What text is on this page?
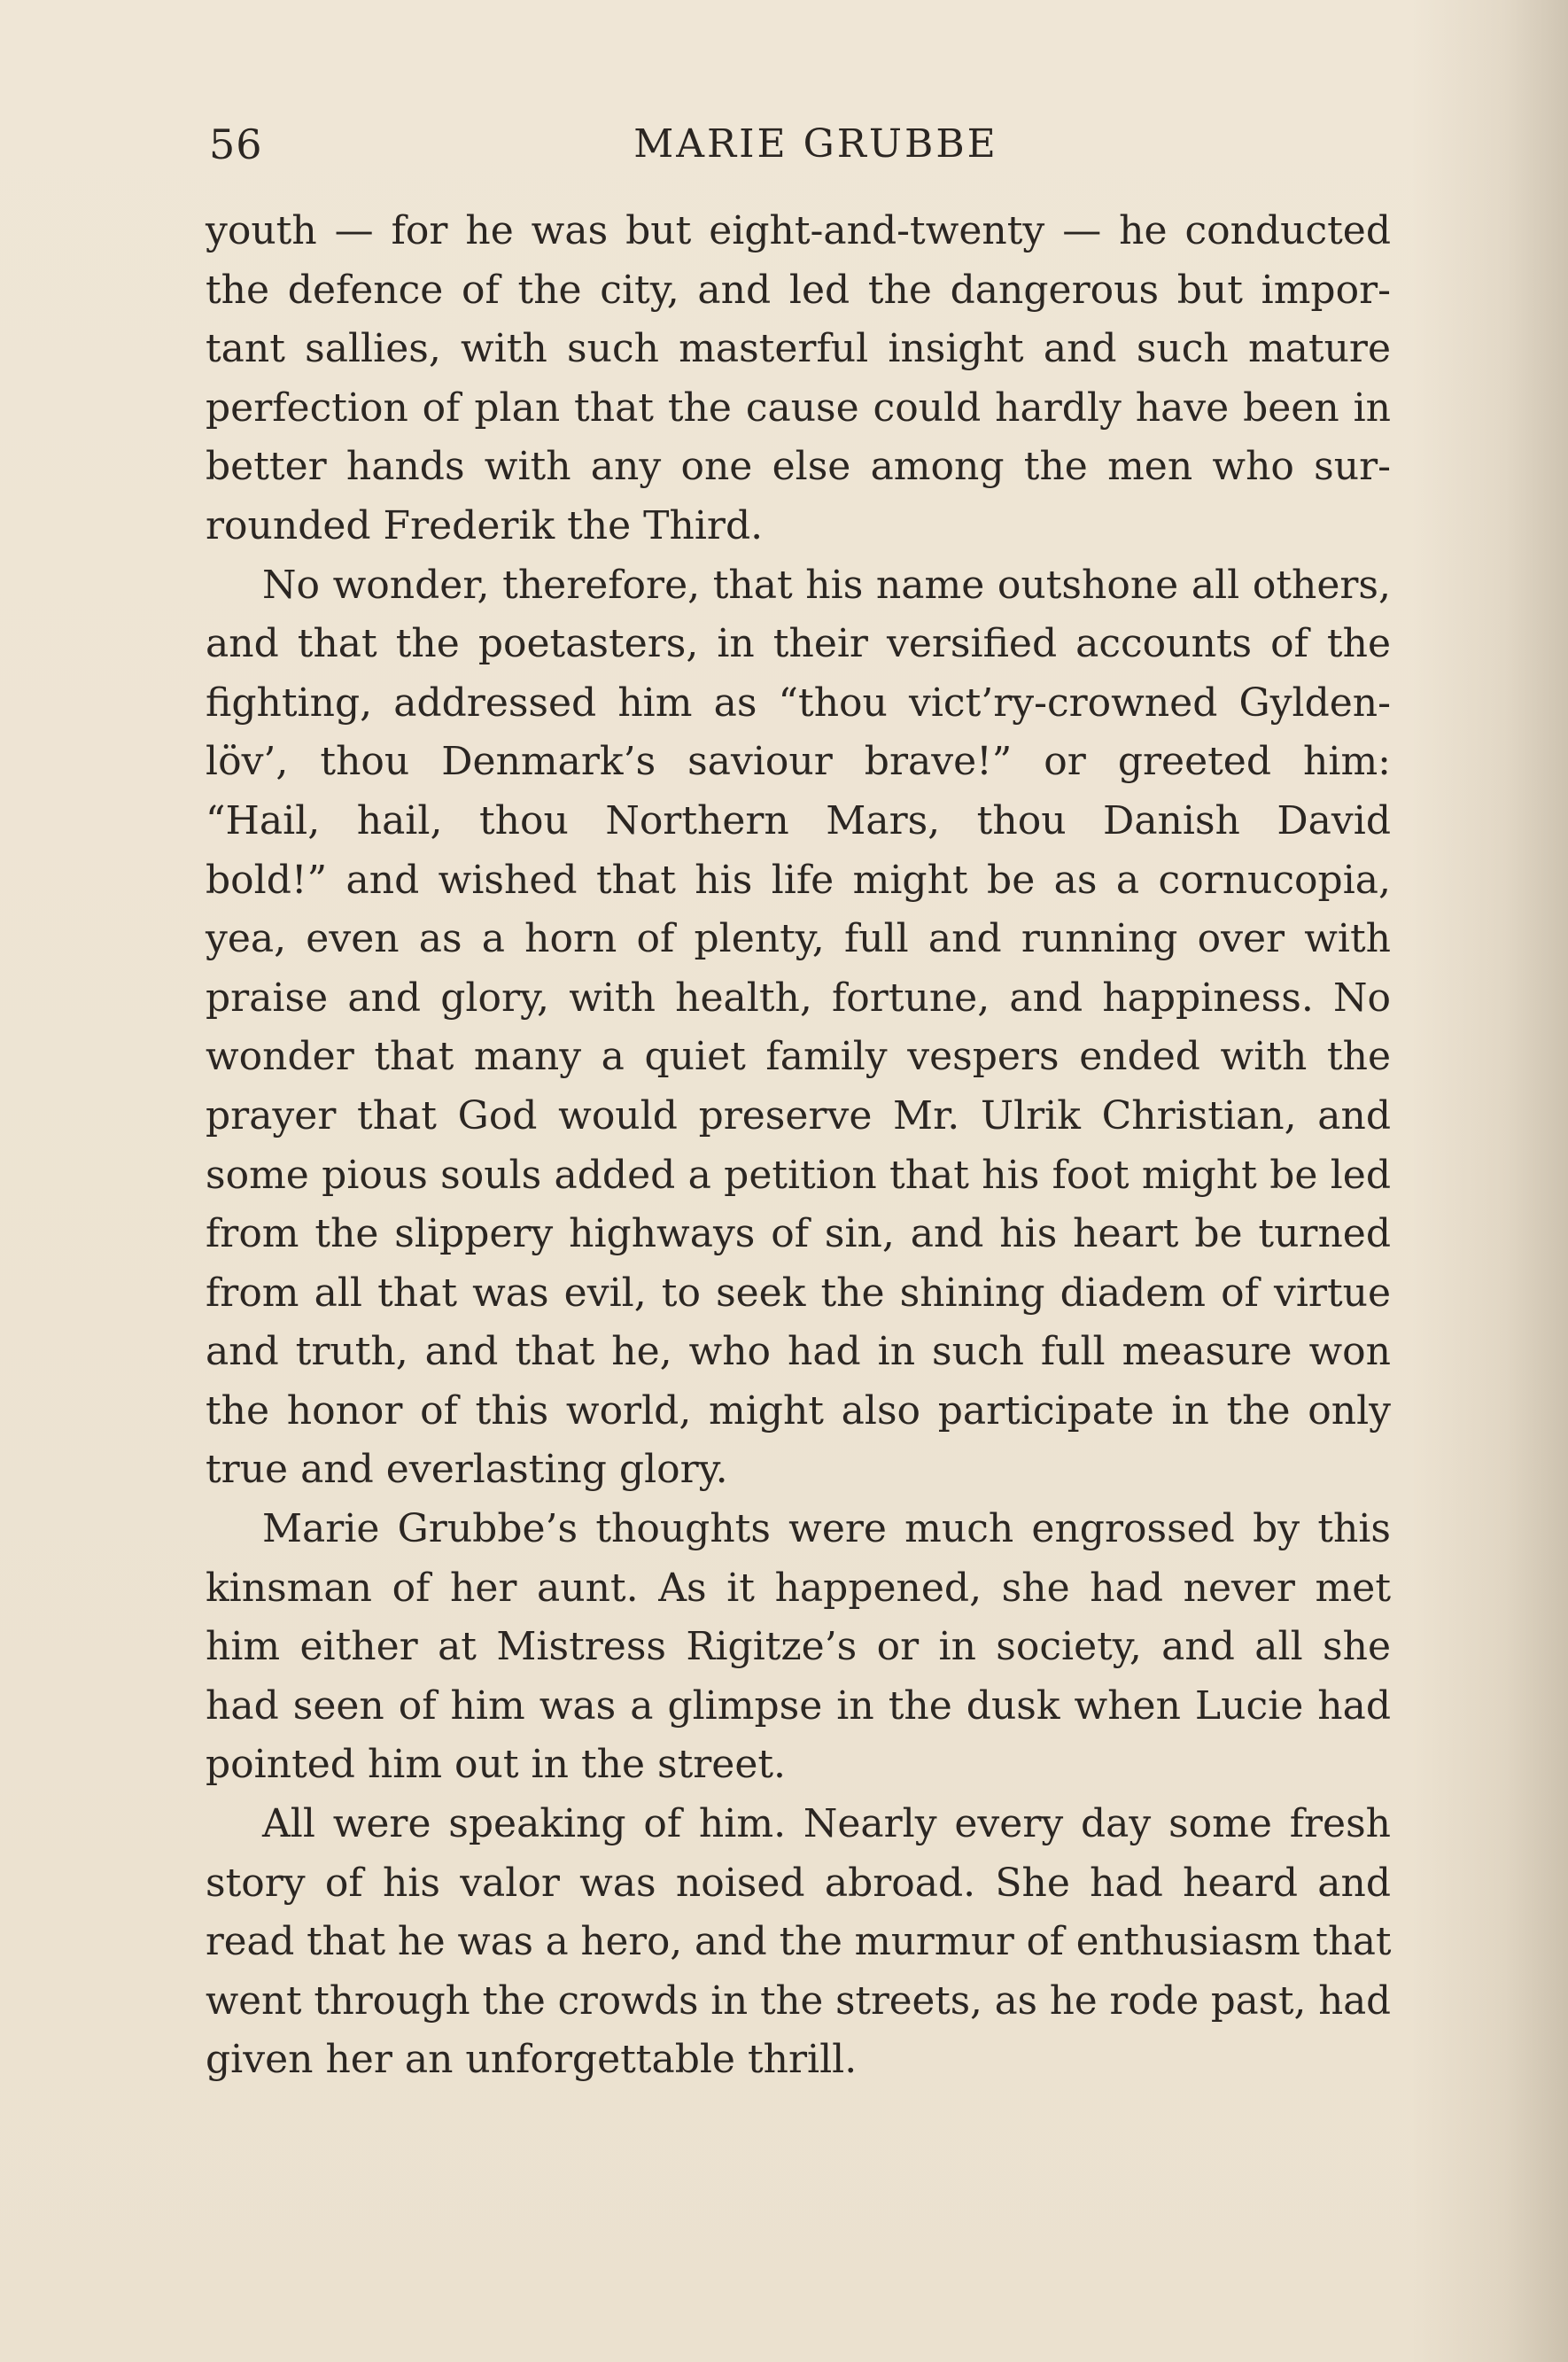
56	MARIE GRUBBE

youth — for he was but eight-and-twenty — he conducted
the defence of the city, and led the dangerous but impor-
tant sallies, with such masterful insight and such mature
perfection of plan that the cause could hardly have been in
better hands with any one else among the men who sur-
rounded Frederik the Third.

No wonder, therefore, that his name outshone all others,
and that the poetasters, in their versified accounts of the
fighting, addressed him as “thou vict’ry-crowned Gylden-
löv’, thou Denmark’s saviour brave!” or greeted him:
“Hail, hail, thou Northern Mars, thou Danish David
bold!” and wished that his life might be as a cornucopia,
yea, even as a horn of plenty, full and running over with
praise and glory, with health, fortune, and happiness. No
wonder that many a quiet family vespers ended with the
prayer that God would preserve Mr. Ulrik Christian, and
some pious souls added a petition that his foot might be led
from the slippery highways of sin, and his heart be turned
from all that was evil, to seek the shining diadem of virtue
and truth, and that he, who had in such full measure won
the honor of this world, might also participate in the only
true and everlasting glory.

Marie Grubbe’s thoughts were much engrossed by this
kinsman of her aunt. As it happened, she had never met
him either at Mistress Rigitze’s or in society, and all she
had seen of him was a glimpse in the dusk when Lucie had
pointed him out in the street.

All were speaking of him. Nearly every day some fresh
story of his valor was noised abroad. She had heard and
read that he was a hero, and the murmur of enthusiasm that
went through the crowds in the streets, as he rode past, had
given her an unforgettable thrill.
